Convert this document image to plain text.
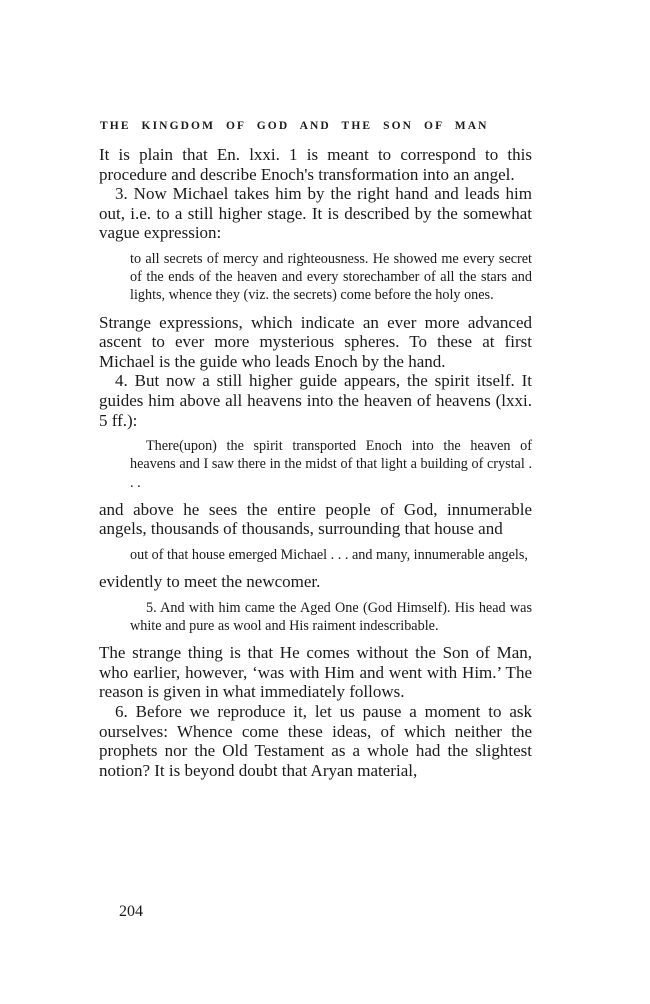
THE KINGDOM OF GOD AND THE SON OF MAN

It is plain that En. lxxi. 1 is meant to correspond to this procedure and describe Enoch's transformation into an angel.

3. Now Michael takes him by the right hand and leads him out, i.e. to a still higher stage. It is described by the somewhat vague expression:

to all secrets of mercy and righteousness. He showed me every secret of the ends of the heaven and every storechamber of all the stars and lights, whence they (viz. the secrets) come before the holy ones.

Strange expressions, which indicate an ever more advanced ascent to ever more mysterious spheres. To these at first Michael is the guide who leads Enoch by the hand.

4. But now a still higher guide appears, the spirit itself. It guides him above all heavens into the heaven of heavens (lxxi. 5 ff.):

There(upon) the spirit transported Enoch into the heaven of heavens and I saw there in the midst of that light a building of crystal . . .

and above he sees the entire people of God, innumerable angels, thousands of thousands, surrounding that house and

out of that house emerged Michael . . . and many, innumerable angels,

evidently to meet the newcomer.

5. And with him came the Aged One (God Himself). His head was white and pure as wool and His raiment indescribable.

The strange thing is that He comes without the Son of Man, who earlier, however, ‘was with Him and went with Him.’ The reason is given in what immediately follows.

6. Before we reproduce it, let us pause a moment to ask ourselves: Whence come these ideas, of which neither the prophets nor the Old Testament as a whole had the slightest notion? It is beyond doubt that Aryan material,

204
